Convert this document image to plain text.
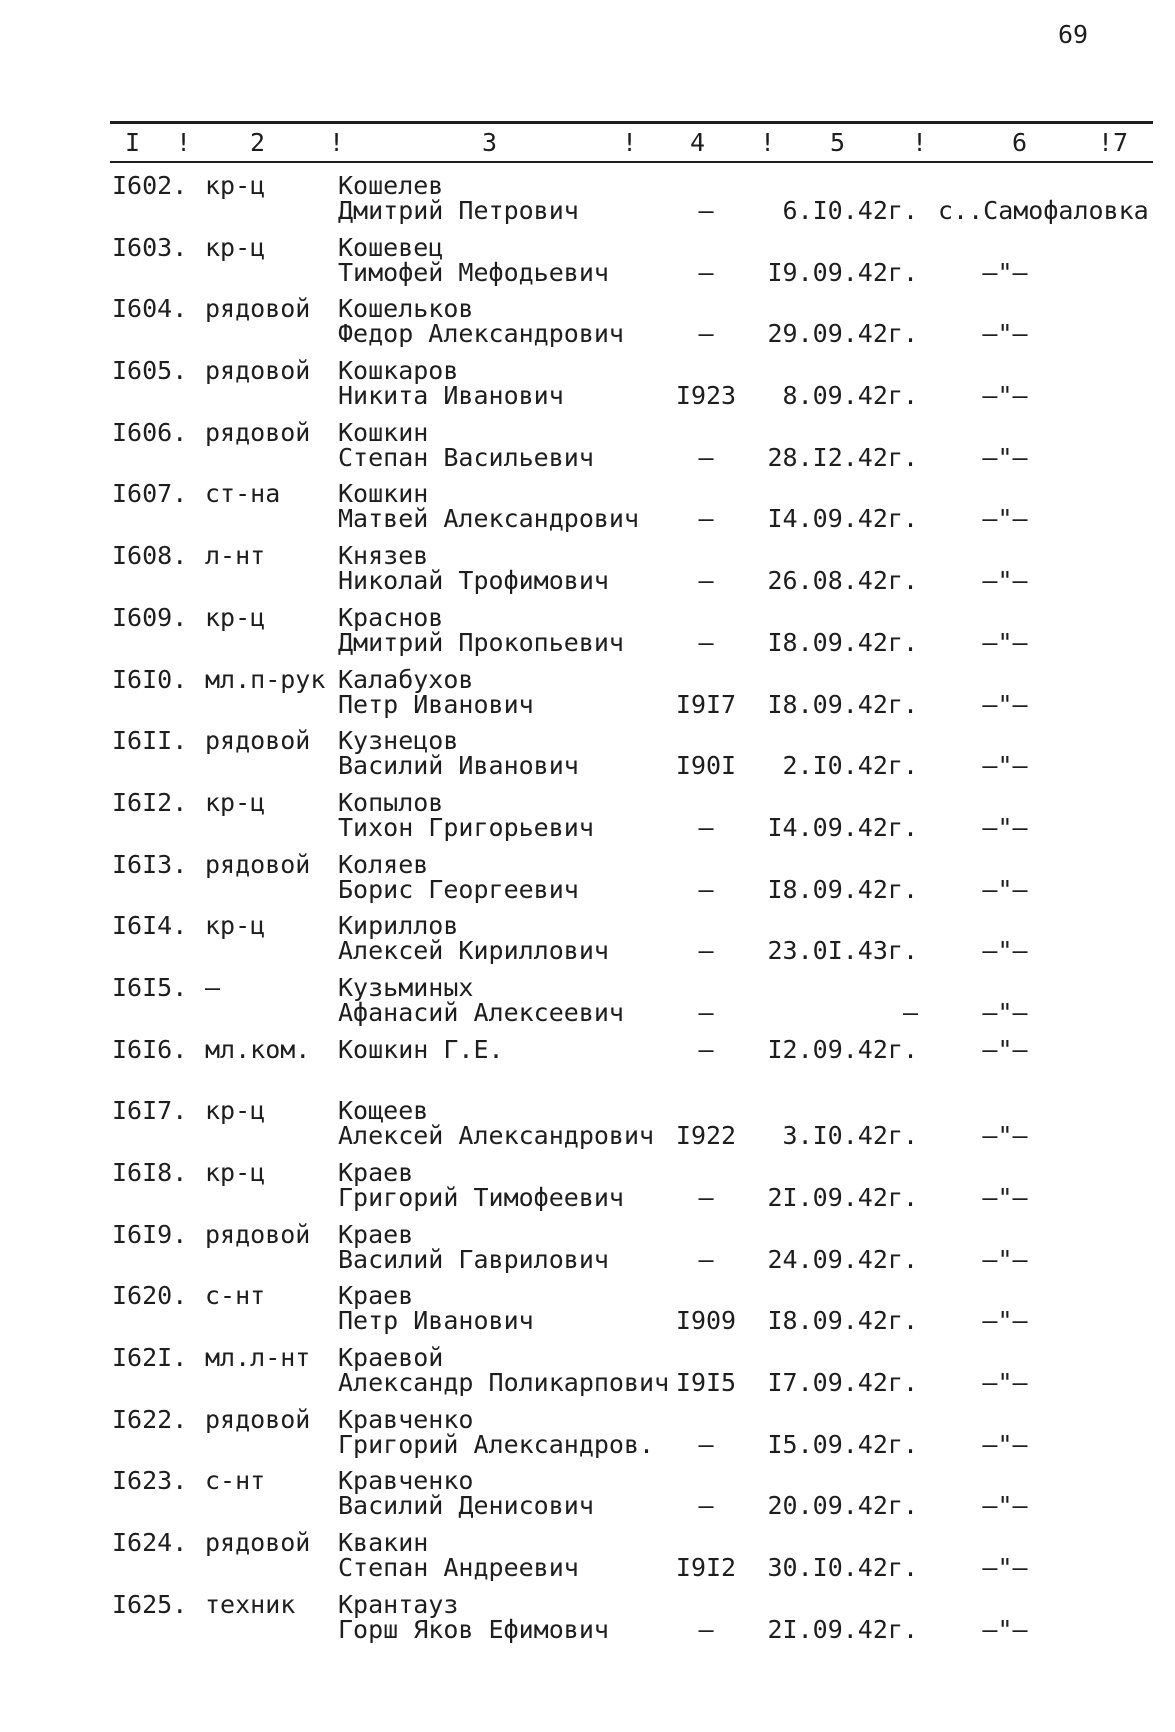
69
I ! 2	!	3	! 4 ! 5	!	6	!7
I602. кр-ц	Кошелев
Дмитрий Петрович	–	6.I0.42г. с..Самофаловка
I603. кр-ц	Кошевец
Тимофей Мефодьевич	–	I9.09.42г.	–"–
I604. рядовой Кошельков
Федор Александрович	–	29.09.42г.	–"–
I605. рядовой Кошкаров
Никита Иванович	I923	8.09.42г.	–"–
I606. рядовой Кошкин
Степан Васильевич	–	28.I2.42г.	–"–
I607. ст-на Кошкин
Матвей Александрович	–	I4.09.42г.	–"–
I608. л-нт	Князев
Николай Трофимович	–	26.08.42г.	–"–
I609. кр-ц	Краснов
Дмитрий Прокопьевич	–	I8.09.42г.	–"–
I6I0. мл.п-рук Калабухов
Петр Иванович	I9I7	I8.09.42г.	–"–
I6II. рядовой Кузнецов
Василий Иванович	I90I	2.I0.42г.	–"–
I6I2. кр-ц	Копылов
Тихон Григорьевич	–	I4.09.42г.	–"–
I6I3. рядовой Коляев
Борис Георгеевич	–	I8.09.42г.	–"–
I6I4. кр-ц	Кириллов
Алексей Кириллович	–	23.0I.43г.	–"–
I6I5. –	Кузьминых
Афанасий Алексеевич	–	–	–"–
I6I6. мл.ком. Кошкин Г.Е.	–	I2.09.42г.	–"–
I6I7. кр-ц	Кощеев
Алексей Александрович I922	3.I0.42г.	–"–
I6I8. кр-ц	Краев
Григорий Тимофеевич	–	2I.09.42г.	–"–
I6I9. рядовой Краев
Василий Гаврилович	–	24.09.42г.	–"–
I620. с-нт	Краев
Петр Иванович	I909	I8.09.42г.	–"–
I62I. мл.л-нт Краевой
Александр Поликарпович I9I5	I7.09.42г.	–"–
I622. рядовой Кравченко
Григорий Александров.	–	I5.09.42г.	–"–
I623. с-нт	Кравченко
Василий Денисович	–	20.09.42г.	–"–
I624. рядовой Квакин
Степан Андреевич	I9I2	30.I0.42г.	–"–
I625. техник Крантауз
Горш Яков Ефимович	–	2I.09.42г.	–"–
